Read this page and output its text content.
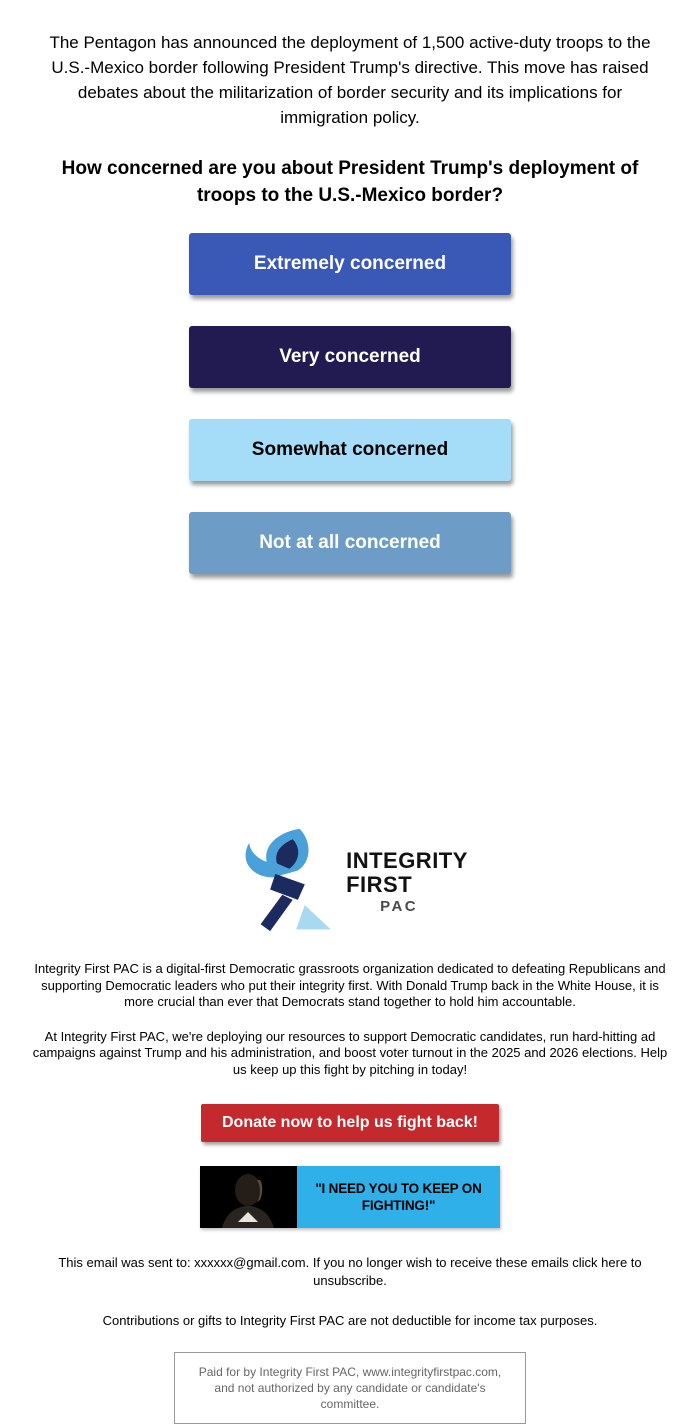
The Pentagon has announced the deployment of 1,500 active-duty troops to the U.S.-Mexico border following President Trump's directive. This move has raised debates about the militarization of border security and its implications for immigration policy.

How concerned are you about President Trump's deployment of troops to the U.S.-Mexico border?
Extremely concerned
Very concerned
Somewhat concerned
Not at all concerned
INTEGRITY
FIRST
PAC

Integrity First PAC is a digital-first Democratic grassroots organization dedicated to defeating Republicans and supporting Democratic leaders who put their integrity first. With Donald Trump back in the White House, it is more crucial than ever that Democrats stand together to hold him accountable.

At Integrity First PAC, we're deploying our resources to support Democratic candidates, run hard-hitting ad campaigns against Trump and his administration, and boost voter turnout in the 2025 and 2026 elections. Help us keep up this fight by pitching in today!

Donate now to help us fight back!
"I NEED YOU TO KEEP ON
FIGHTING!"

This email was sent to: xxxxxx@gmail.com. If you no longer wish to receive these emails click here to unsubscribe.

Contributions or gifts to Integrity First PAC are not deductible for income tax purposes.

Paid for by Integrity First PAC, www.integrityfirstpac.com, and not authorized by any candidate or candidate's committee.
